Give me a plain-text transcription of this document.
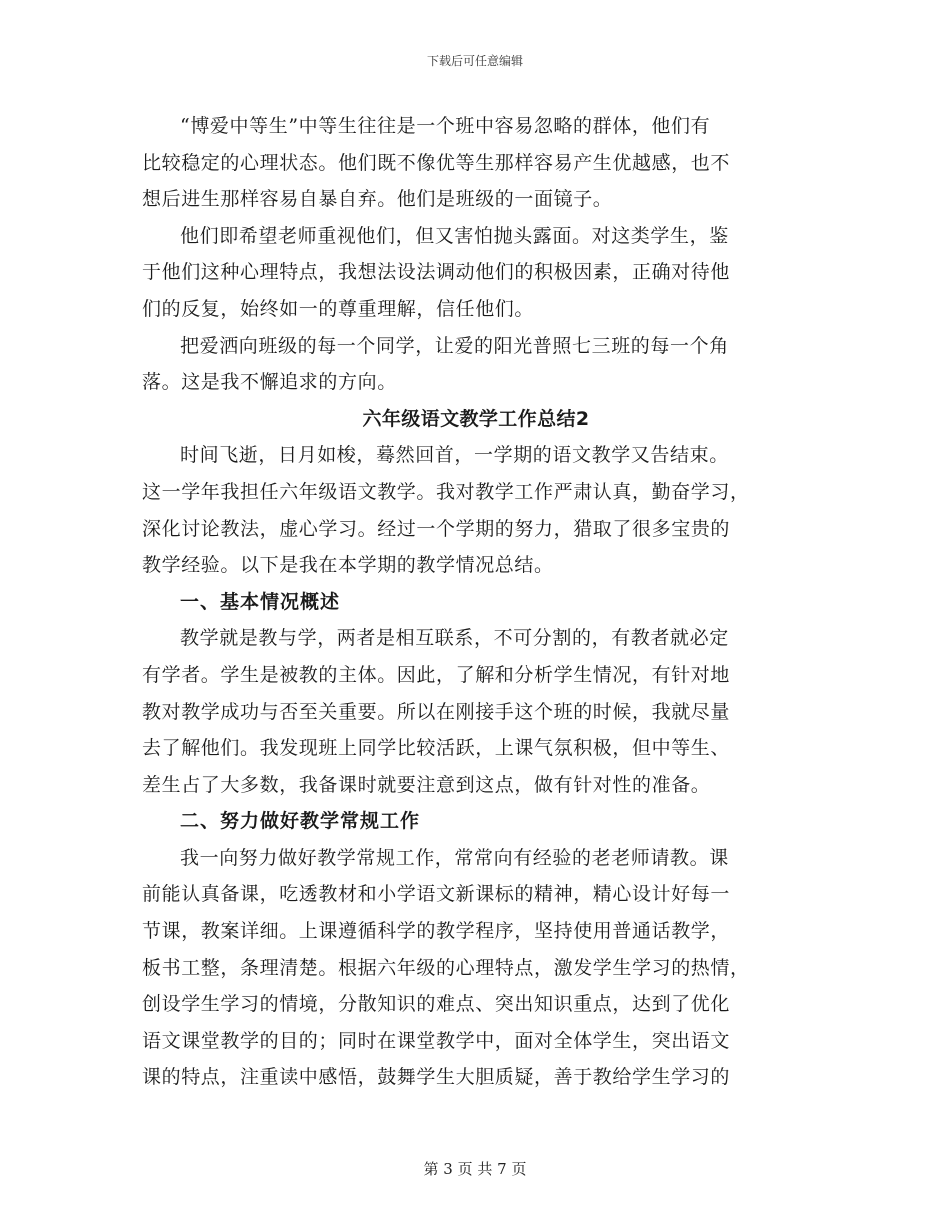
下载后可任意编辑

“博爱中等生”中等生往往是一个班中容易忽略的群体，他们有
比较稳定的心理状态。他们既不像优等生那样容易产生优越感，也不
想后进生那样容易自暴自弃。他们是班级的一面镜子。

他们即希望老师重视他们，但又害怕抛头露面。对这类学生，鉴
于他们这种心理特点，我想法设法调动他们的积极因素，正确对待他
们的反复，始终如一的尊重理解，信任他们。

把爱洒向班级的每一个同学，让爱的阳光普照七三班的每一个角
落。这是我不懈追求的方向。

六年级语文教学工作总结2

时间飞逝，日月如梭，蓦然回首，一学期的语文教学又告结束。
这一学年我担任六年级语文教学。我对教学工作严肃认真，勤奋学习，
深化讨论教法，虚心学习。经过一个学期的努力，猎取了很多宝贵的
教学经验。以下是我在本学期的教学情况总结。

一、基本情况概述

教学就是教与学，两者是相互联系，不可分割的，有教者就必定
有学者。学生是被教的主体。因此，了解和分析学生情况，有针对地
教对教学成功与否至关重要。所以在刚接手这个班的时候，我就尽量
去了解他们。我发现班上同学比较活跃，上课气氛积极，但中等生、
差生占了大多数，我备课时就要注意到这点，做有针对性的准备。

二、努力做好教学常规工作

我一向努力做好教学常规工作，常常向有经验的老老师请教。课
前能认真备课，吃透教材和小学语文新课标的精神，精心设计好每一
节课，教案详细。上课遵循科学的教学程序，坚持使用普通话教学，
板书工整，条理清楚。根据六年级的心理特点，激发学生学习的热情，
创设学生学习的情境，分散知识的难点、突出知识重点，达到了优化
语文课堂教学的目的；同时在课堂教学中，面对全体学生，突出语文
课的特点，注重读中感悟，鼓舞学生大胆质疑，善于教给学生学习的

第 3 页 共 7 页
